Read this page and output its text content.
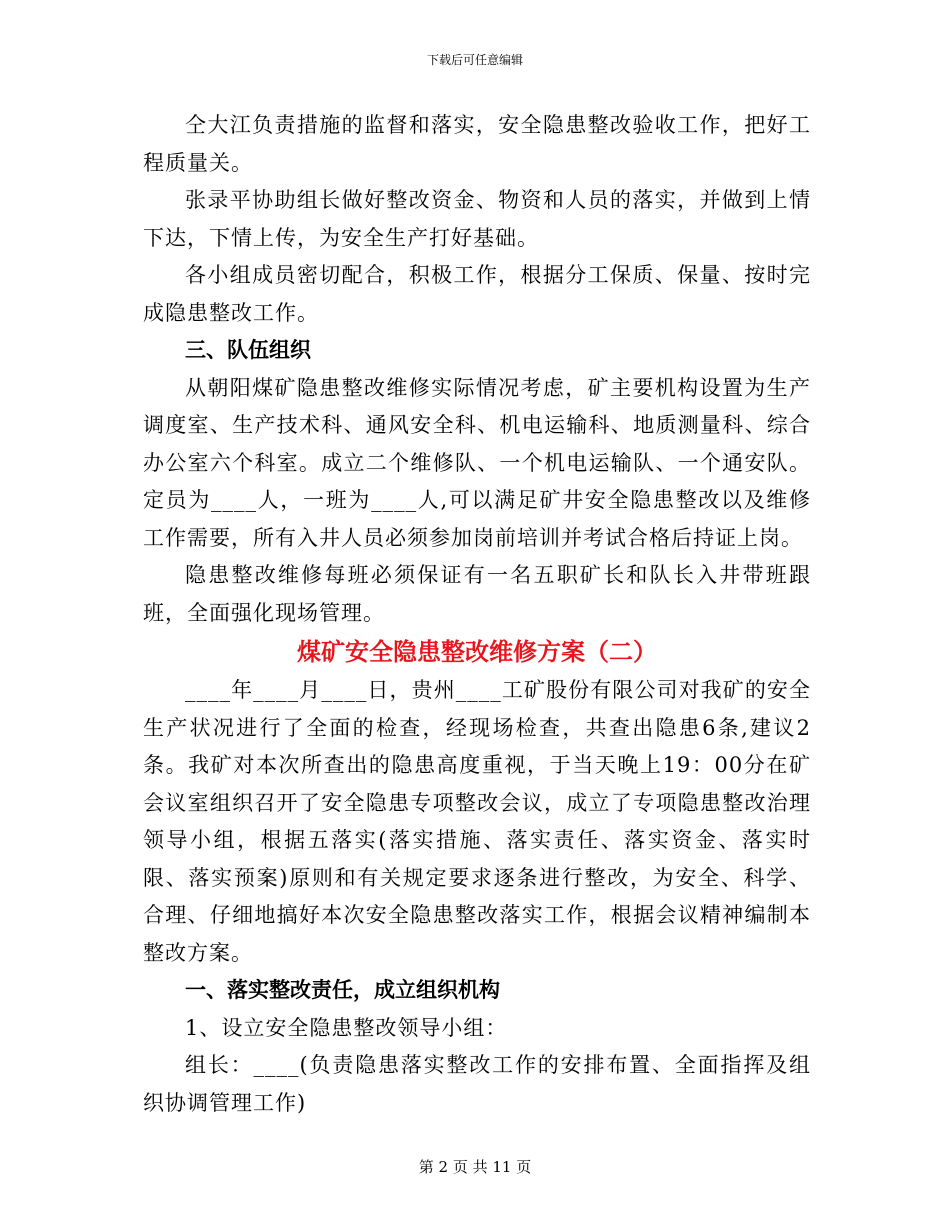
下载后可任意编辑

仝大江负责措施的监督和落实，安全隐患整改验收工作，把好工程质量关。

张录平协助组长做好整改资金、物资和人员的落实，并做到上情下达，下情上传，为安全生产打好基础。

各小组成员密切配合，积极工作，根据分工保质、保量、按时完成隐患整改工作。

三、队伍组织

从朝阳煤矿隐患整改维修实际情况考虑，矿主要机构设置为生产调度室、生产技术科、通风安全科、机电运输科、地质测量科、综合办公室六个科室。成立二个维修队、一个机电运输队、一个通安队。定员为____人，一班为____人,可以满足矿井安全隐患整改以及维修工作需要，所有入井人员必须参加岗前培训并考试合格后持证上岗。

隐患整改维修每班必须保证有一名五职矿长和队长入井带班跟班，全面强化现场管理。

煤矿安全隐患整改维修方案（二）

____年____月____日，贵州____工矿股份有限公司对我矿的安全生产状况进行了全面的检查，经现场检查，共查出隐患6条,建议2条。我矿对本次所查出的隐患高度重视，于当天晚上19：00分在矿会议室组织召开了安全隐患专项整改会议，成立了专项隐患整改治理领导小组，根据五落实(落实措施、落实责任、落实资金、落实时限、落实预案)原则和有关规定要求逐条进行整改，为安全、科学、合理、仔细地搞好本次安全隐患整改落实工作，根据会议精神编制本整改方案。

一、落实整改责任，成立组织机构

1、设立安全隐患整改领导小组：

组长：____(负责隐患落实整改工作的安排布置、全面指挥及组织协调管理工作)

第 2 页 共 11 页
